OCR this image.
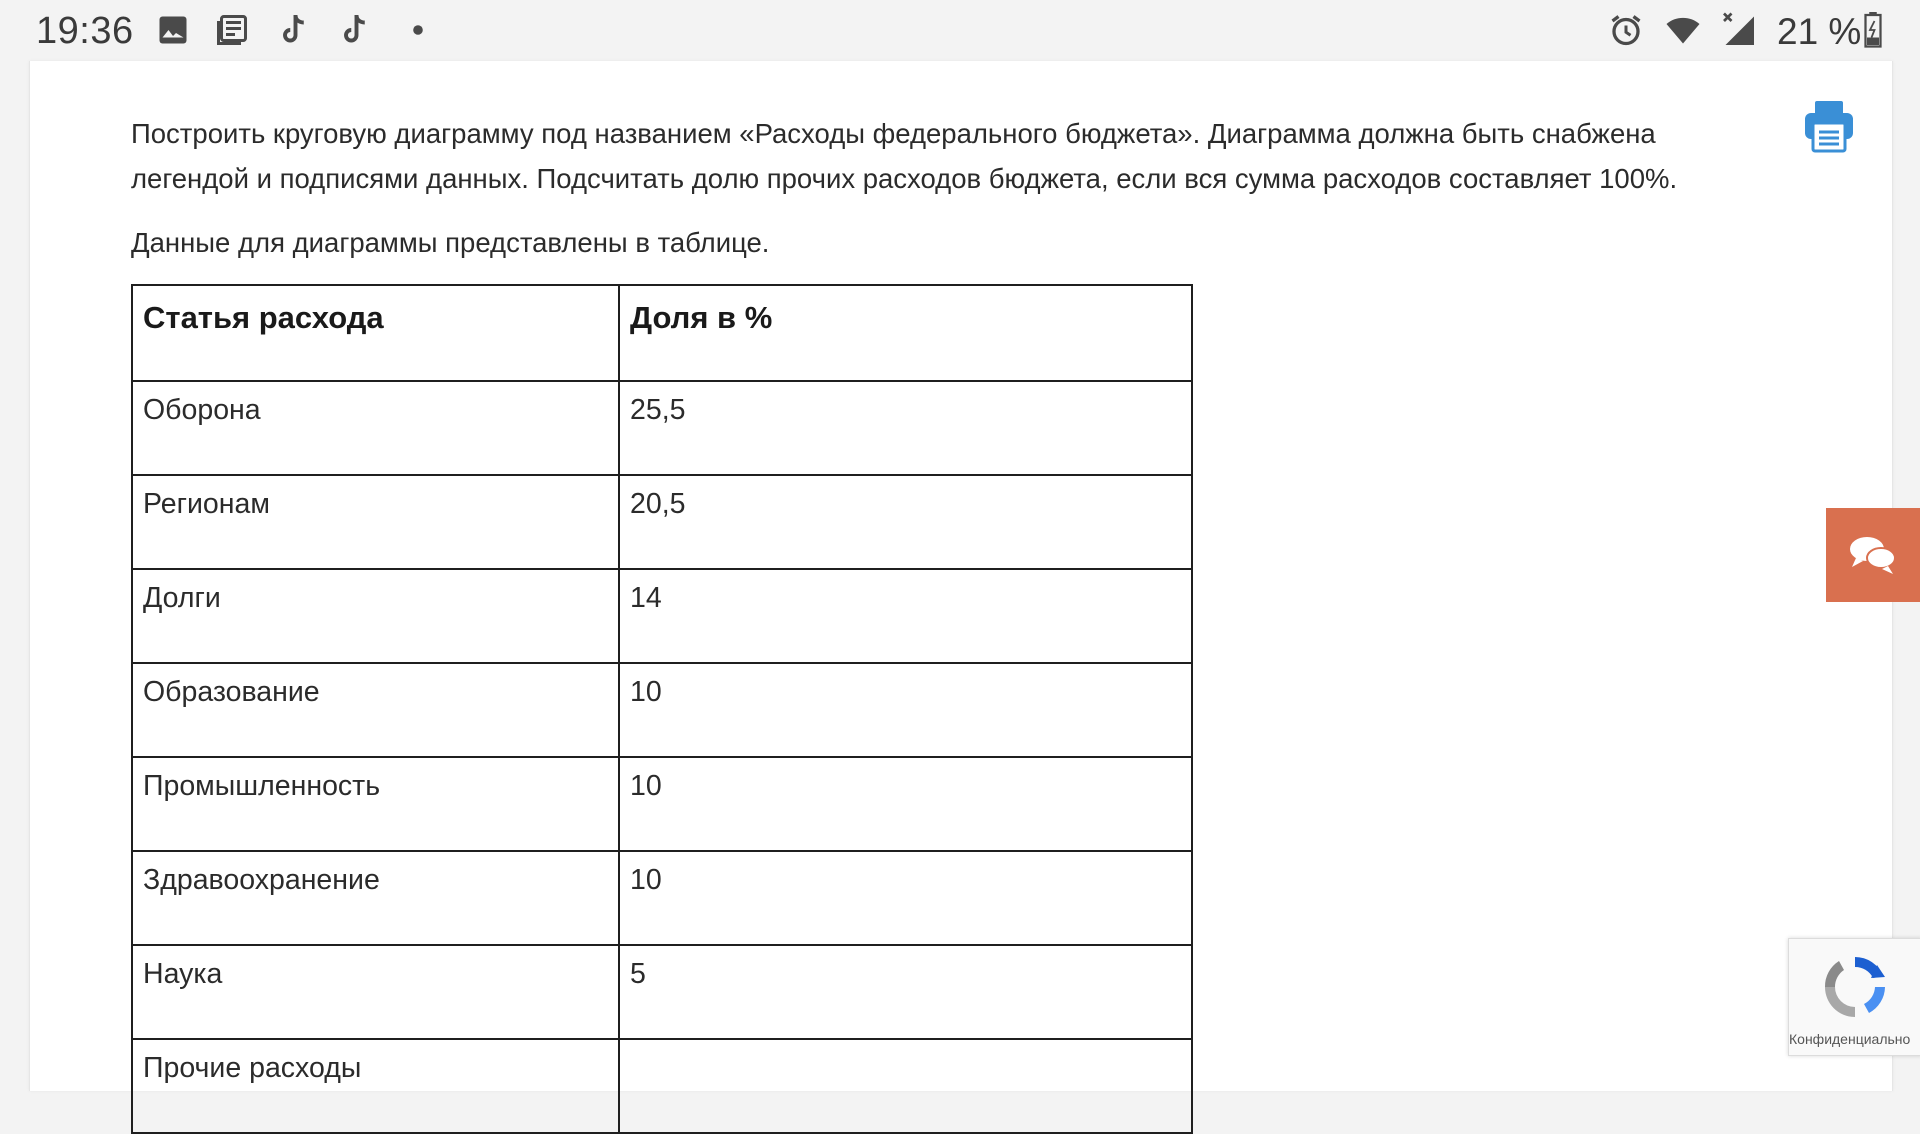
19:36	21 %
Построить круговую диаграмму под названием «Расходы федерального бюджета». Диаграмма должна быть снабжена легендой и подписями данных. Подсчитать долю прочих расходов бюджета, если вся сумма расходов составляет 100%.
Данные для диаграммы представлены в таблице.
Статья расхода	Доля в %
Оборона	25,5
Регионам	20,5
Долги	14
Образование	10
Промышленность	10
Здравоохранение	10
Наука	5
Прочие расходы	
Конфиденциально
